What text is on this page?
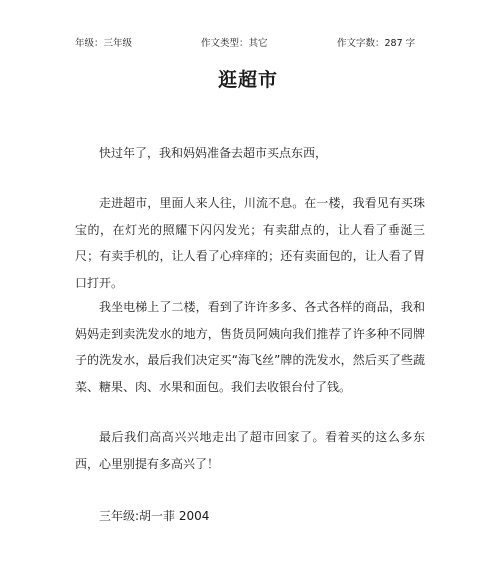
年级：三年级	作文类型：其它	作文字数：287 字
逛超市

快过年了，我和妈妈准备去超市买点东西，

走进超市，里面人来人往，川流不息。在一楼，我看见有买珠宝的，在灯光的照耀下闪闪发光；有卖甜点的，让人看了垂涎三尺；有卖手机的，让人看了心痒痒的；还有卖面包的，让人看了胃口打开。

我坐电梯上了二楼，看到了许许多多、各式各样的商品，我和妈妈走到卖洗发水的地方，售货员阿姨向我们推荐了许多种不同牌子的洗发水，最后我们决定买“海飞丝”牌的洗发水，然后买了些蔬菜、糖果、肉、水果和面包。我们去收银台付了钱。

最后我们高高兴兴地走出了超市回家了。看着买的这么多东西，心里别提有多高兴了！

三年级:胡一菲 2004
